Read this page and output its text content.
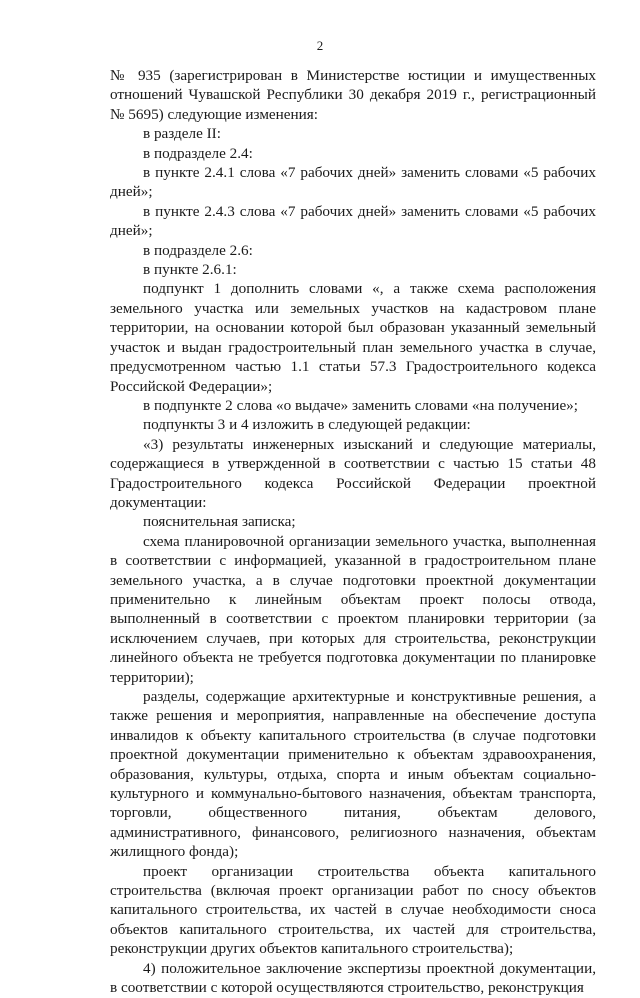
2

№ 935 (зарегистрирован в Министерстве юстиции и имущественных отношений Чувашской Республики 30 декабря 2019 г., регистрационный № 5695) следующие изменения:

в разделе II:

в подразделе 2.4:

в пункте 2.4.1 слова «7 рабочих дней» заменить словами «5 рабочих дней»;

в пункте 2.4.3 слова «7 рабочих дней» заменить словами «5 рабочих дней»;

в подразделе 2.6:

в пункте 2.6.1:

подпункт 1 дополнить словами «, а также схема расположения земельного участка или земельных участков на кадастровом плане территории, на основании которой был образован указанный земельный участок и выдан градостроительный план земельного участка в случае, предусмотренном частью 1.1 статьи 57.3 Градостроительного кодекса Российской Федерации»;

в подпункте 2 слова «о выдаче» заменить словами «на получение»;

подпункты 3 и 4 изложить в следующей редакции:

«3) результаты инженерных изысканий и следующие материалы, содержащиеся в утвержденной в соответствии с частью 15 статьи 48 Градостроительного кодекса Российской Федерации проектной документации:

пояснительная записка;

схема планировочной организации земельного участка, выполненная в соответствии с информацией, указанной в градостроительном плане земельного участка, а в случае подготовки проектной документации применительно к линейным объектам проект полосы отвода, выполненный в соответствии с проектом планировки территории (за исключением случаев, при которых для строительства, реконструкции линейного объекта не требуется подготовка документации по планировке территории);

разделы, содержащие архитектурные и конструктивные решения, а также решения и мероприятия, направленные на обеспечение доступа инвалидов к объекту капитального строительства (в случае подготовки проектной документации применительно к объектам здравоохранения, образования, культуры, отдыха, спорта и иным объектам социально-культурного и коммунально-бытового назначения, объектам транспорта, торговли, общественного питания, объектам делового, административного, финансового, религиозного назначения, объектам жилищного фонда);

проект организации строительства объекта капитального строительства (включая проект организации работ по сносу объектов капитального строительства, их частей в случае необходимости сноса объектов капитального строительства, их частей для строительства, реконструкции других объектов капитального строительства);

4) положительное заключение экспертизы проектной документации, в соответствии с которой осуществляются строительство, реконструкция
